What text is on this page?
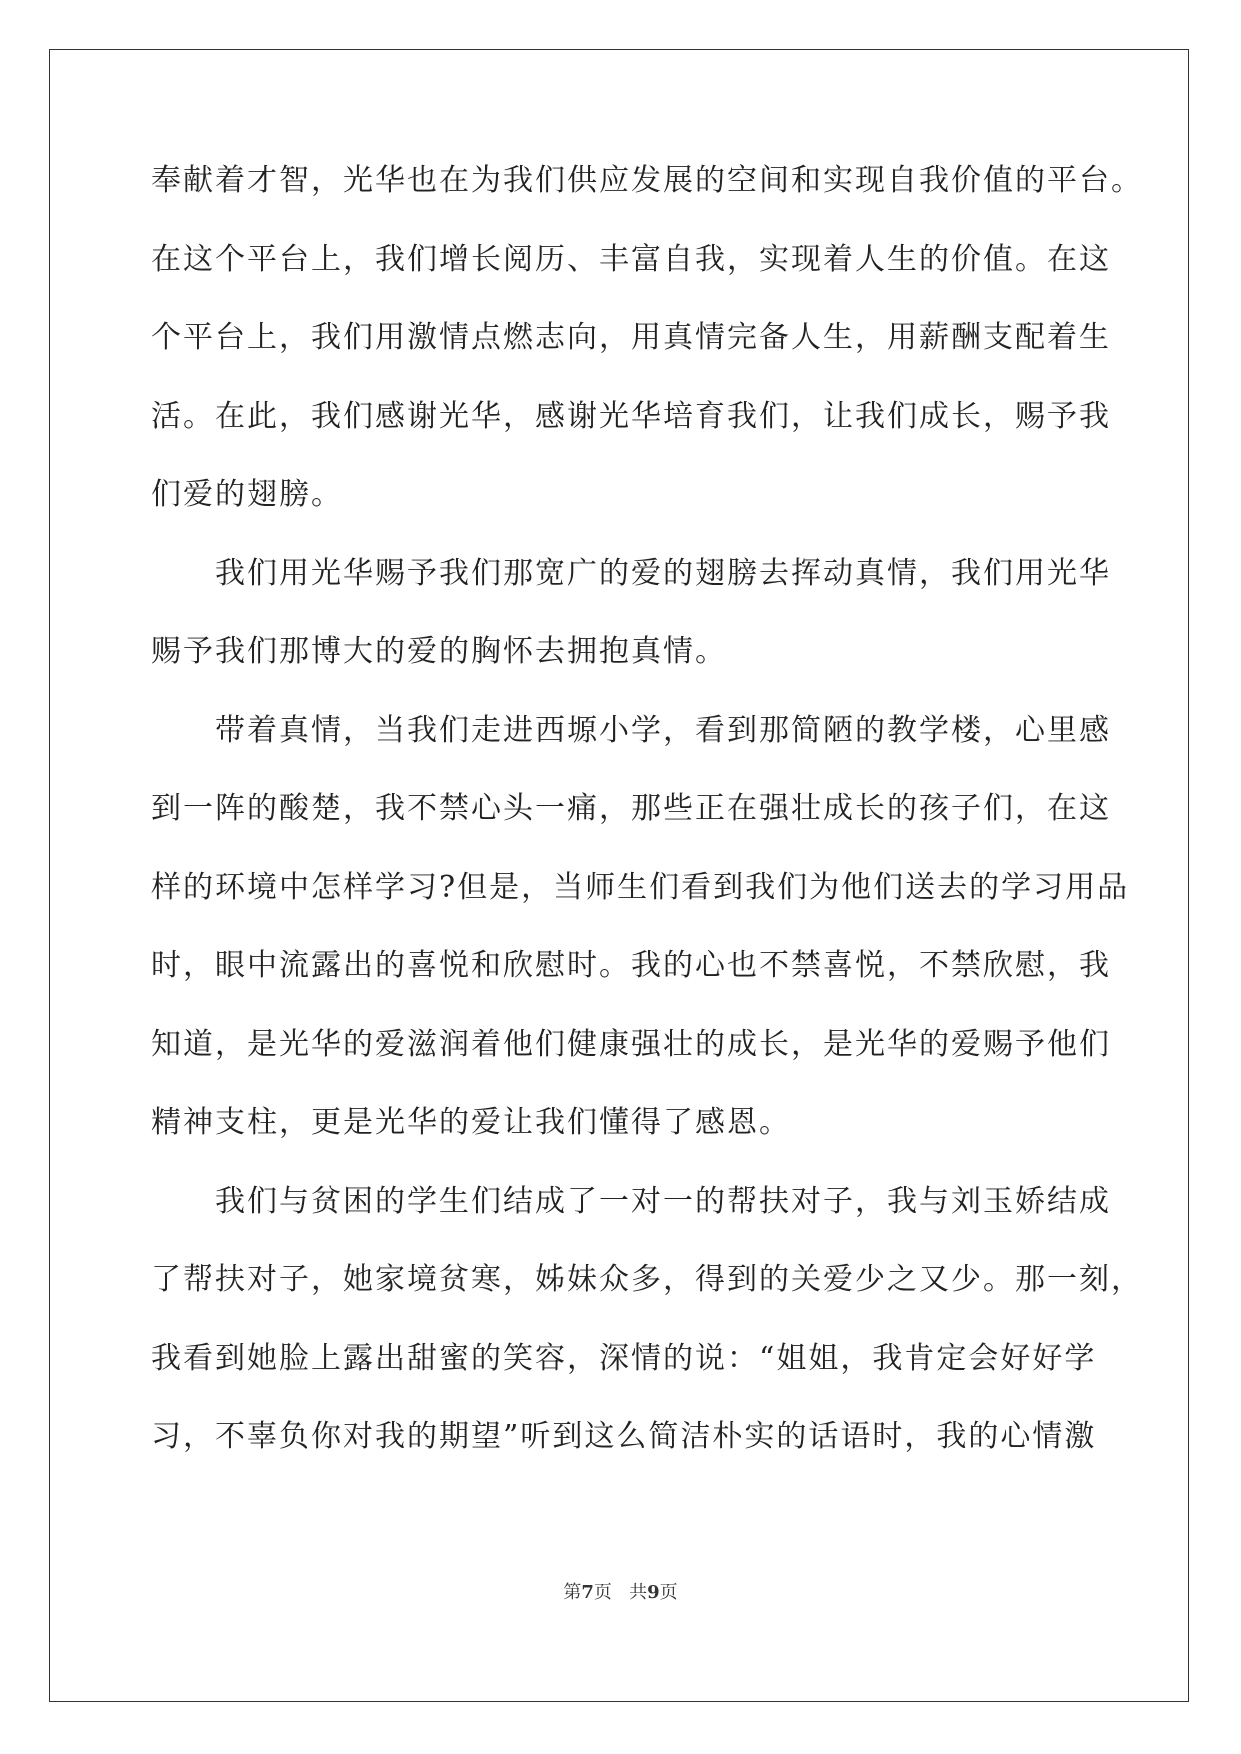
奉献着才智，光华也在为我们供应发展的空间和实现自我价值的平台。
在这个平台上，我们增长阅历、丰富自我，实现着人生的价值。在这
个平台上，我们用激情点燃志向，用真情完备人生，用薪酬支配着生
活。在此，我们感谢光华，感谢光华培育我们，让我们成长，赐予我
们爱的翅膀。
我们用光华赐予我们那宽广的爱的翅膀去挥动真情，我们用光华
赐予我们那博大的爱的胸怀去拥抱真情。
带着真情，当我们走进西塬小学，看到那简陋的教学楼，心里感
到一阵的酸楚，我不禁心头一痛，那些正在强壮成长的孩子们，在这
样的环境中怎样学习?但是，当师生们看到我们为他们送去的学习用品
时，眼中流露出的喜悦和欣慰时。我的心也不禁喜悦，不禁欣慰，我
知道，是光华的爱滋润着他们健康强壮的成长，是光华的爱赐予他们
精神支柱，更是光华的爱让我们懂得了感恩。
我们与贫困的学生们结成了一对一的帮扶对子，我与刘玉娇结成
了帮扶对子，她家境贫寒，姊妹众多，得到的关爱少之又少。那一刻，
我看到她脸上露出甜蜜的笑容，深情的说：“姐姐，我肯定会好好学
习，不辜负你对我的期望”听到这么简洁朴实的话语时，我的心情激
第7页 共9页
